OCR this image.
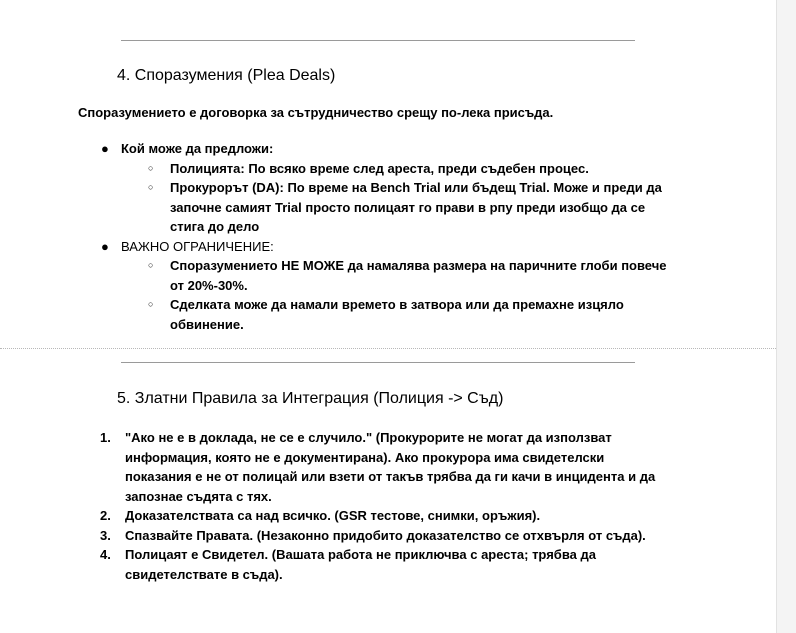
4. Споразумения (Plea Deals)
Споразумението е договорка за сътрудничество срещу по-лека присъда.
● Кой може да предложи:
○ Полицията: По всяко време след ареста, преди съдебен процес.
○ Прокурорът (DA): По време на Bench Trial или бъдещ Trial. Може и преди да започне самият Trial просто полицаят го прави в рпу преди изобщо да се стига до дело
● ВАЖНО ОГРАНИЧЕНИЕ:
○ Споразумението НЕ МОЖЕ да намалява размера на паричните глоби повече от 20%-30%.
○ Сделката може да намали времето в затвора или да премахне изцяло обвинение.
5. Златни Правила за Интеграция (Полиция -> Съд)
1. "Ако не е в доклада, не се е случило." (Прокурорите не могат да използват информация, която не е документирана). Ако прокурора има свидетелски показания е не от полицай или взети от такъв трябва да ги качи в инцидента и да запознае съдята с тях.
2. Доказателствата са над всичко. (GSR тестове, снимки, оръжия).
3. Спазвайте Правата. (Незаконно придобито доказателство се отхвърля от съда).
4. Полицаят е Свидетел. (Вашата работа не приключва с ареста; трябва да свидетелствате в съда).
